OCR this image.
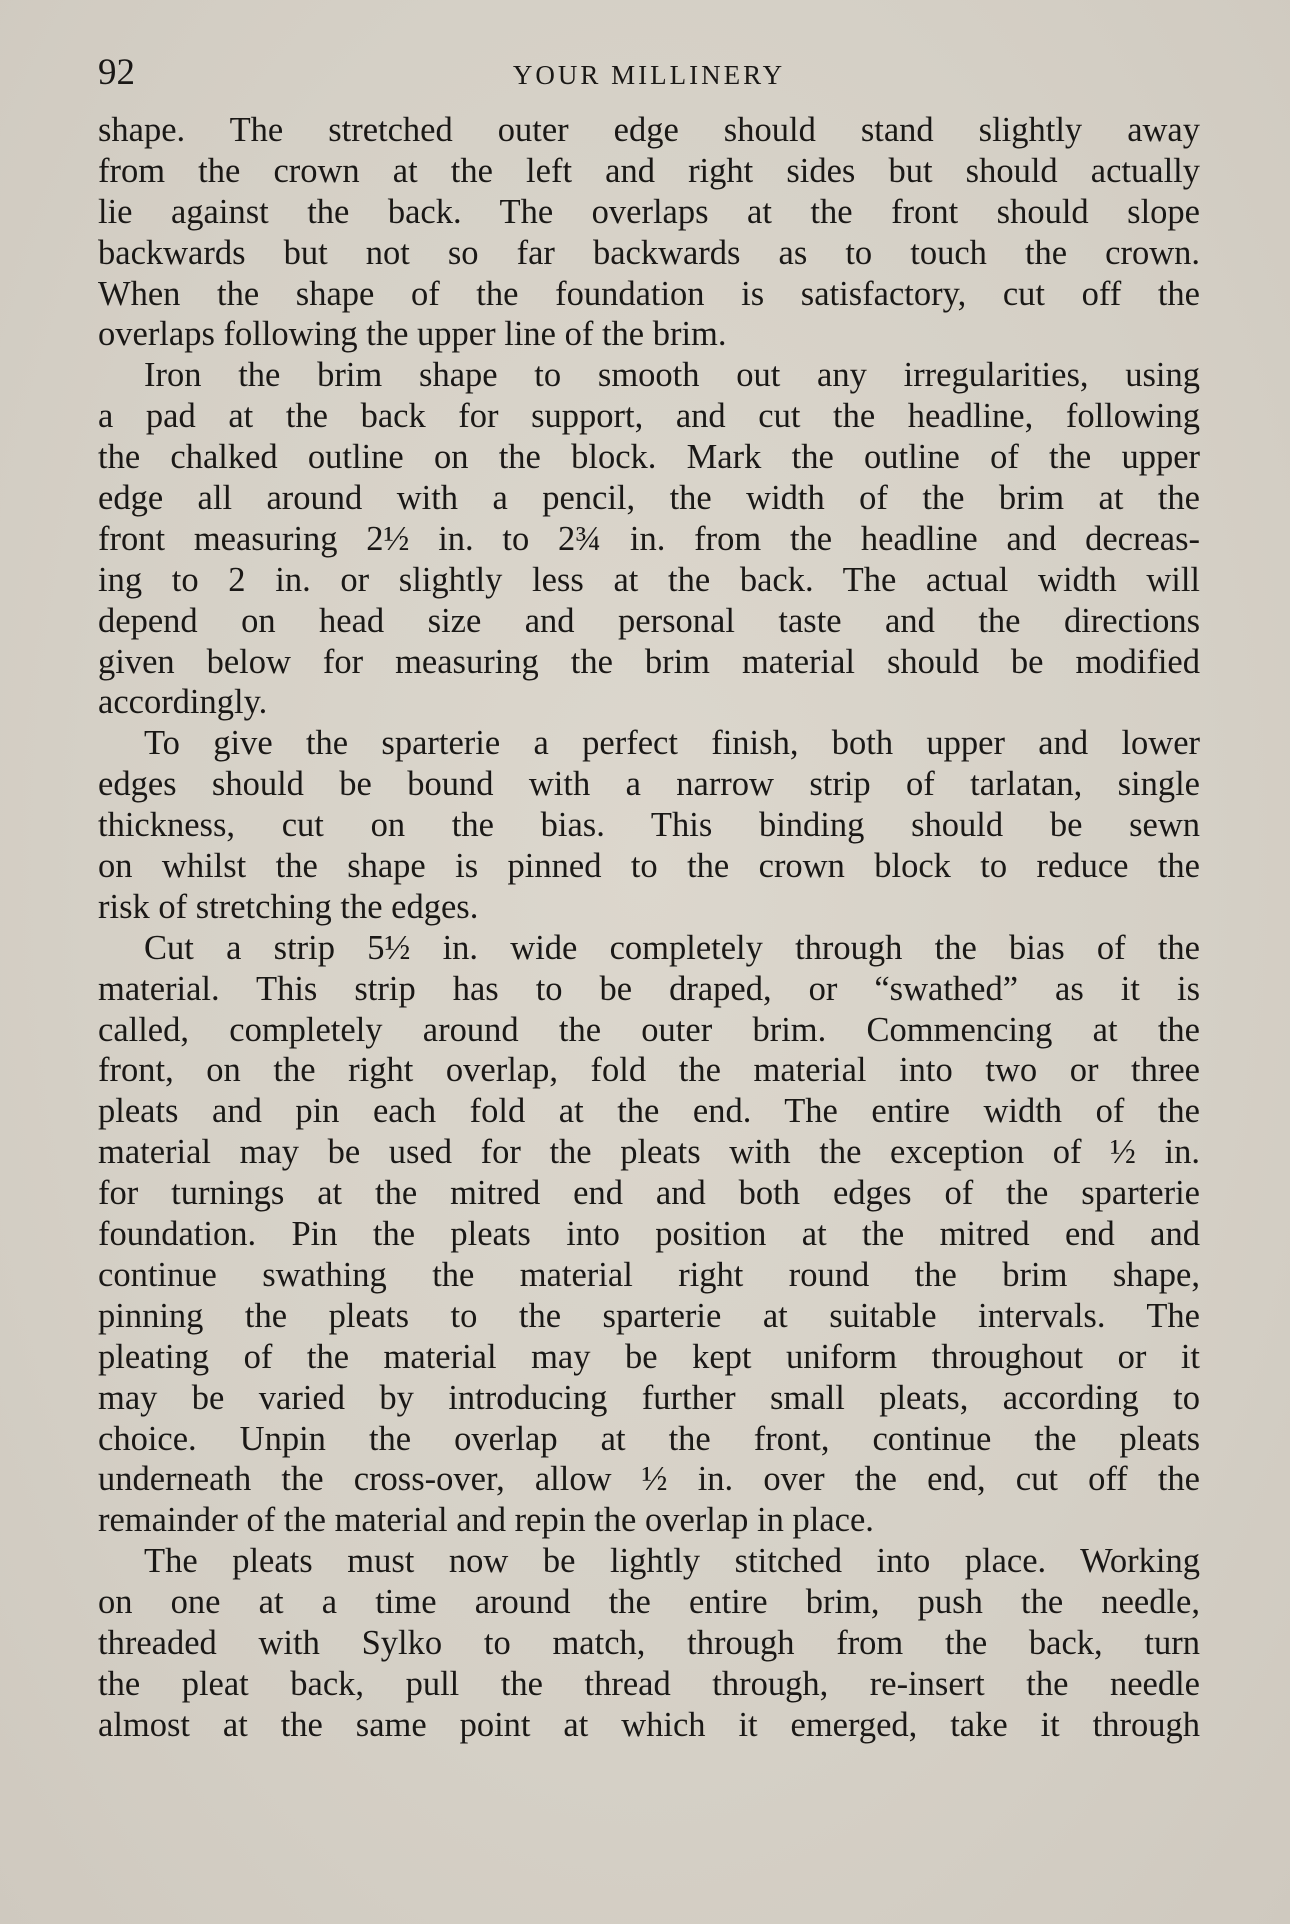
92	YOUR MILLINERY
shape. The stretched outer edge should stand slightly away
from the crown at the left and right sides but should actually
lie against the back. The overlaps at the front should slope
backwards but not so far backwards as to touch the crown.
When the shape of the foundation is satisfactory, cut off the
overlaps following the upper line of the brim.
Iron the brim shape to smooth out any irregularities, using
a pad at the back for support, and cut the headline, following
the chalked outline on the block. Mark the outline of the upper
edge all around with a pencil, the width of the brim at the
front measuring 2½ in. to 2¾ in. from the headline and decreas-
ing to 2 in. or slightly less at the back. The actual width will
depend on head size and personal taste and the directions
given below for measuring the brim material should be modified
accordingly.
To give the sparterie a perfect finish, both upper and lower
edges should be bound with a narrow strip of tarlatan, single
thickness, cut on the bias. This binding should be sewn
on whilst the shape is pinned to the crown block to reduce the
risk of stretching the edges.
Cut a strip 5½ in. wide completely through the bias of the
material. This strip has to be draped, or “swathed” as it is
called, completely around the outer brim. Commencing at the
front, on the right overlap, fold the material into two or three
pleats and pin each fold at the end. The entire width of the
material may be used for the pleats with the exception of ½ in.
for turnings at the mitred end and both edges of the sparterie
foundation. Pin the pleats into position at the mitred end and
continue swathing the material right round the brim shape,
pinning the pleats to the sparterie at suitable intervals. The
pleating of the material may be kept uniform throughout or it
may be varied by introducing further small pleats, according to
choice. Unpin the overlap at the front, continue the pleats
underneath the cross-over, allow ½ in. over the end, cut off the
remainder of the material and repin the overlap in place.
The pleats must now be lightly stitched into place. Working
on one at a time around the entire brim, push the needle,
threaded with Sylko to match, through from the back, turn
the pleat back, pull the thread through, re-insert the needle
almost at the same point at which it emerged, take it through
